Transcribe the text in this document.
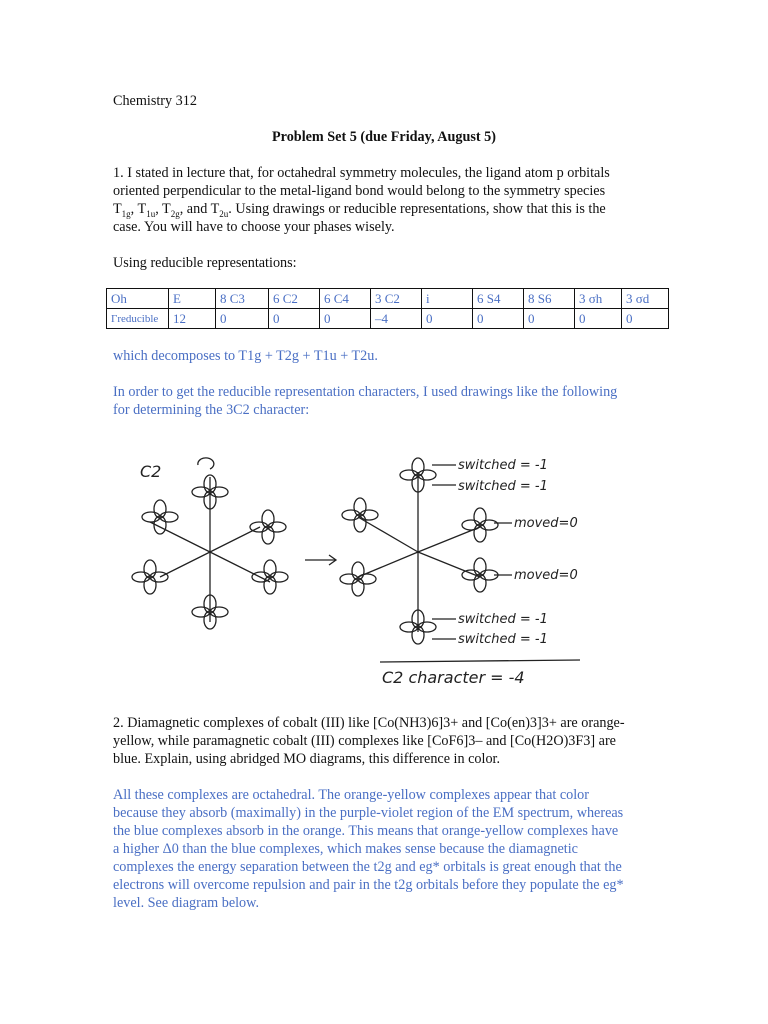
Chemistry 312
Problem Set 5 (due Friday, August 5)
1. I stated in lecture that, for octahedral symmetry molecules, the ligand atom p orbitals
oriented perpendicular to the metal-ligand bond would belong to the symmetry species
$T_{1g}$, $T_{1u}$, $T_{2g}$, and $T_{2u}$. Using drawings or reducible representations, show that this is the
case. You will have to choose your phases wisely.
Using reducible representations:
Oh	E	8 C3	6 C2	6 C4	3 C2	i	6 S4	8 S6	3 σh	3 σd
Γreducible	12	0	0	0	–4	0	0	0	0	0
which decomposes to T1g + T2g + T1u + T2u.
In order to get the reducible representation characters, I used drawings like the following
for determining the 3C2 character:
C2	switched = -1
switched = -1
moved=0
moved=0
switched = -1
switched = -1
C2 character = -4
2. Diamagnetic complexes of cobalt (III) like [Co(NH3)6]3+ and [Co(en)3]3+ are orange-
yellow, while paramagnetic cobalt (III) complexes like [CoF6]3– and [Co(H2O)3F3] are
blue. Explain, using abridged MO diagrams, this difference in color.
All these complexes are octahedral. The orange-yellow complexes appear that color
because they absorb (maximally) in the purple-violet region of the EM spectrum, whereas
the blue complexes absorb in the orange. This means that orange-yellow complexes have
a higher Δ0 than the blue complexes, which makes sense because the diamagnetic
complexes the energy separation between the t2g and eg* orbitals is great enough that the
electrons will overcome repulsion and pair in the t2g orbitals before they populate the eg*
level. See diagram below.
